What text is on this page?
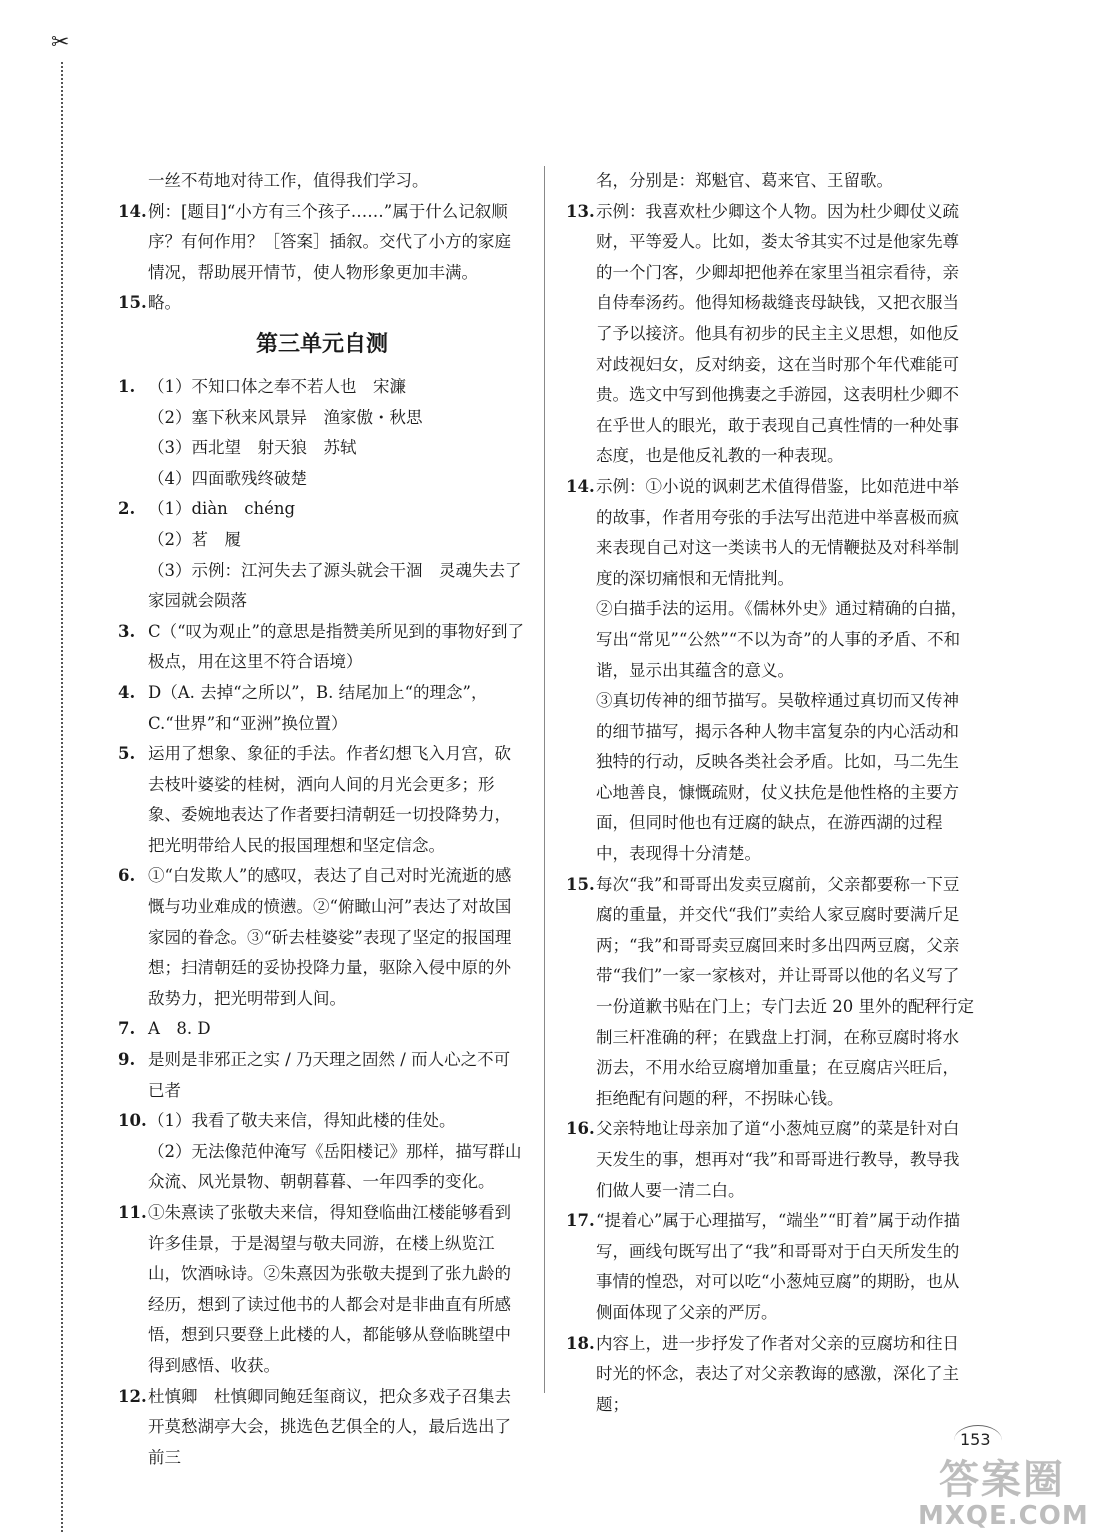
✂
一丝不苟地对待工作，值得我们学习。
14.例：[题目]“小方有三个孩子……”属于什么记叙顺序？有何作用？［答案］插叙。交代了小方的家庭情况，帮助展开情节，使人物形象更加丰满。
15.略。
第三单元自测
1. （1）不知口体之奉不若人也　宋濂
（2）塞下秋来风景异　渔家傲・秋思
（3）西北望　射天狼　苏轼
（4）四面歌残终破楚
2. （1）diàn　chéng
（2）茗　履
（3）示例：江河失去了源头就会干涸　灵魂失去了家园就会陨落
3. C（“叹为观止”的意思是指赞美所见到的事物好到了极点，用在这里不符合语境）
4. D（A. 去掉“之所以”，B. 结尾加上“的理念”，C.“世界”和“亚洲”换位置）
5. 运用了想象、象征的手法。作者幻想飞入月宫，砍去枝叶婆娑的桂树，洒向人间的月光会更多；形象、委婉地表达了作者要扫清朝廷一切投降势力，把光明带给人民的报国理想和坚定信念。
6. ①“白发欺人”的感叹，表达了自己对时光流逝的感慨与功业难成的愤懑。②“俯瞰山河”表达了对故国家园的眷念。③“斫去桂婆娑”表现了坚定的报国理想；扫清朝廷的妥协投降力量，驱除入侵中原的外敌势力，把光明带到人间。
7. A　8. D
9. 是则是非邪正之实 / 乃天理之固然 / 而人心之不可已者
10.（1）我看了敬夫来信，得知此楼的佳处。
（2）无法像范仲淹写《岳阳楼记》那样，描写群山众流、风光景物、朝朝暮暮、一年四季的变化。
11.①朱熹读了张敬夫来信，得知登临曲江楼能够看到许多佳景，于是渴望与敬夫同游，在楼上纵览江山，饮酒咏诗。②朱熹因为张敬夫提到了张九龄的经历，想到了读过他书的人都会对是非曲直有所感悟，想到只要登上此楼的人，都能够从登临眺望中得到感悟、收获。
12.杜慎卿　杜慎卿同鲍廷玺商议，把众多戏子召集去开莫愁湖亭大会，挑选色艺俱全的人，最后选出了前三
名，分别是：郑魁官、葛来官、王留歌。
13.示例：我喜欢杜少卿这个人物。因为杜少卿仗义疏财，平等爱人。比如，娄太爷其实不过是他家先尊的一个门客，少卿却把他养在家里当祖宗看待，亲自侍奉汤药。他得知杨裁缝丧母缺钱，又把衣服当了予以接济。他具有初步的民主主义思想，如他反对歧视妇女，反对纳妾，这在当时那个年代难能可贵。选文中写到他携妻之手游园，这表明杜少卿不在乎世人的眼光，敢于表现自己真性情的一种处事态度，也是他反礼教的一种表现。
14.示例：①小说的讽刺艺术值得借鉴，比如范进中举的故事，作者用夸张的手法写出范进中举喜极而疯来表现自己对这一类读书人的无情鞭挞及对科举制度的深切痛恨和无情批判。
②白描手法的运用。《儒林外史》通过精确的白描，写出“常见”“公然”“不以为奇”的人事的矛盾、不和谐，显示出其蕴含的意义。
③真切传神的细节描写。吴敬梓通过真切而又传神的细节描写，揭示各种人物丰富复杂的内心活动和独特的行动，反映各类社会矛盾。比如，马二先生心地善良，慷慨疏财，仗义扶危是他性格的主要方面，但同时他也有迂腐的缺点，在游西湖的过程中，表现得十分清楚。
15.每次“我”和哥哥出发卖豆腐前，父亲都要称一下豆腐的重量，并交代“我们”卖给人家豆腐时要满斤足两；“我”和哥哥卖豆腐回来时多出四两豆腐，父亲带“我们”一家一家核对，并让哥哥以他的名义写了一份道歉书贴在门上；专门去近 20 里外的配秤行定制三杆准确的秤；在戥盘上打洞，在称豆腐时将水沥去，不用水给豆腐增加重量；在豆腐店兴旺后，拒绝配有问题的秤，不拐昧心钱。
16.父亲特地让母亲加了道“小葱炖豆腐”的菜是针对白天发生的事，想再对“我”和哥哥进行教导，教导我们做人要一清二白。
17.“提着心”属于心理描写，“端坐”“盯着”属于动作描写，画线句既写出了“我”和哥哥对于白天所发生的事情的惶恐，对可以吃“小葱炖豆腐”的期盼，也从侧面体现了父亲的严厉。
18.内容上，进一步抒发了作者对父亲的豆腐坊和往日时光的怀念，表达了对父亲教诲的感激，深化了主题；
153
答案圈
MXQE.COM
